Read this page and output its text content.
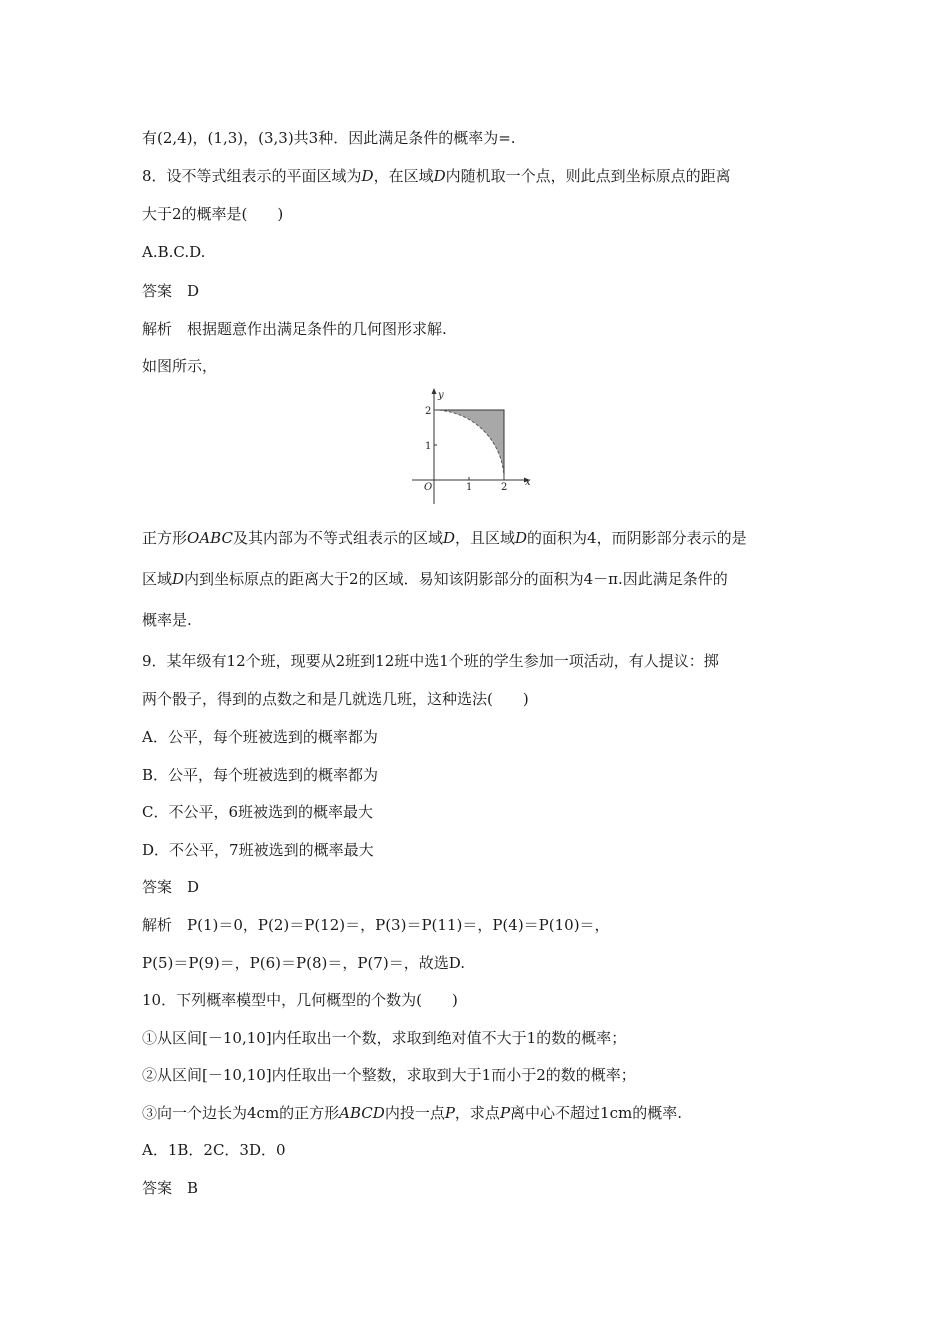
有(2,4)，(1,3)，(3,3)共3种．因此满足条件的概率为=.

8．设不等式组表示的平面区域为D，在区域D内随机取一个点，则此点到坐标原点的距离

大于2的概率是(　　)

A.B.C.D.

答案　D

解析　根据题意作出满足条件的几何图形求解.

如图所示，

y
x
O	1	2
1
2

正方形OABC及其内部为不等式组表示的区域D，且区域D的面积为4，而阴影部分表示的是

区域D内到坐标原点的距离大于2的区域．易知该阴影部分的面积为4－π.因此满足条件的

概率是.

9．某年级有12个班，现要从2班到12班中选1个班的学生参加一项活动，有人提议：掷

两个骰子，得到的点数之和是几就选几班，这种选法(　　)

A．公平，每个班被选到的概率都为

B．公平，每个班被选到的概率都为

C．不公平，6班被选到的概率最大

D．不公平，7班被选到的概率最大

答案　D

解析　P(1)＝0，P(2)＝P(12)＝，P(3)＝P(11)＝，P(4)＝P(10)＝，

P(5)＝P(9)＝，P(6)＝P(8)＝，P(7)＝，故选D.

10．下列概率模型中，几何概型的个数为(　　)

①从区间[－10,10]内任取出一个数，求取到绝对值不大于1的数的概率；

②从区间[－10,10]内任取出一个整数，求取到大于1而小于2的数的概率；

③向一个边长为4cm的正方形ABCD内投一点P，求点P离中心不超过1cm的概率.

A．1B．2C．3D．0

答案　B
